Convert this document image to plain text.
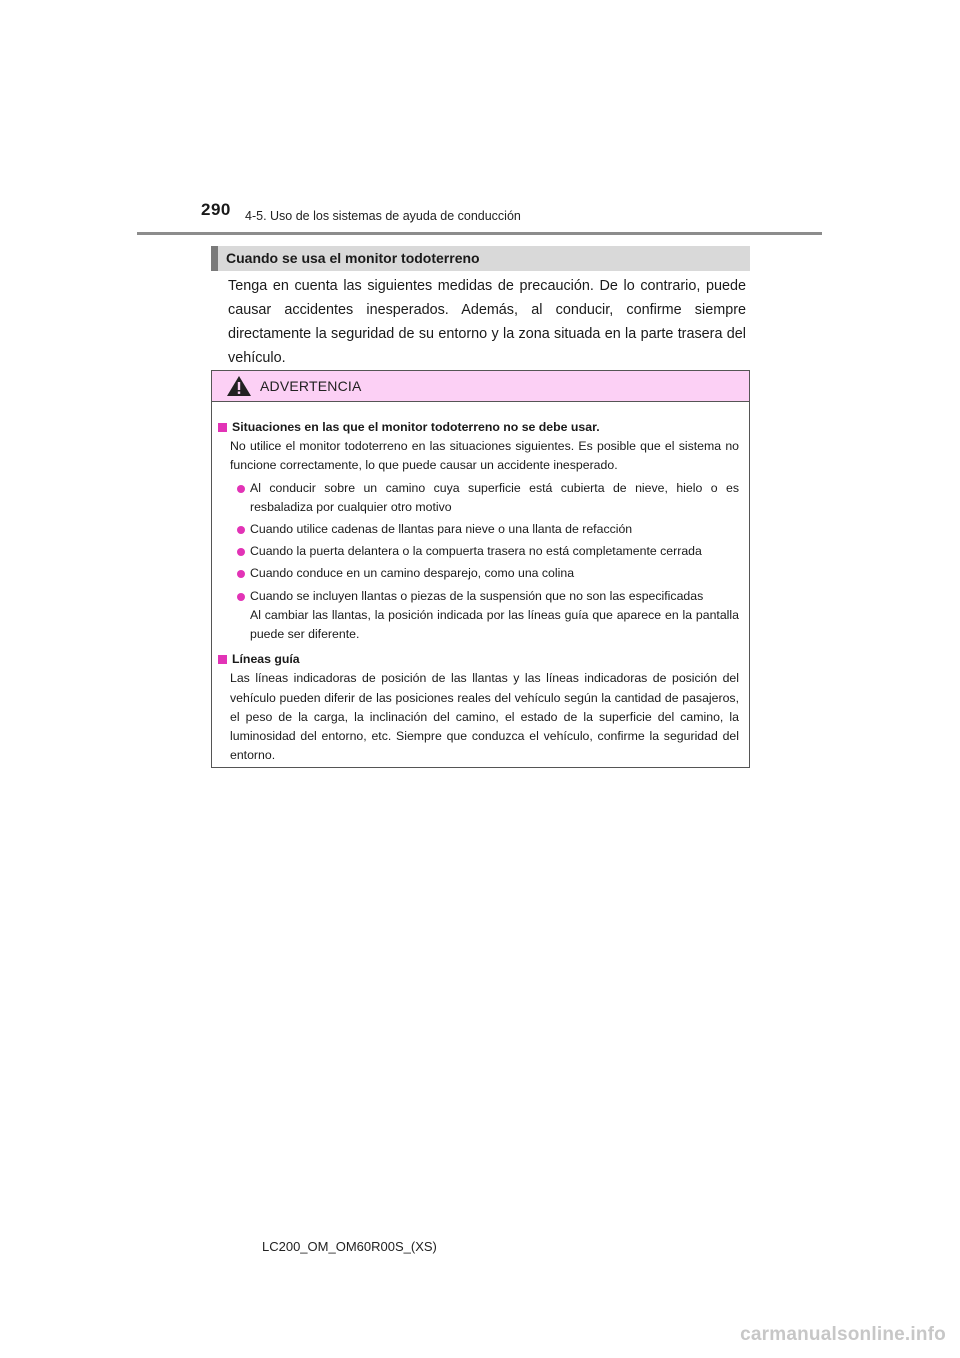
290 4-5. Uso de los sistemas de ayuda de conducción
Cuando se usa el monitor todoterreno

Tenga en cuenta las siguientes medidas de precaución. De lo contrario, puede causar accidentes inesperados. Además, al conducir, confirme siempre directamente la seguridad de su entorno y la zona situada en la parte trasera del vehículo.

ADVERTENCIA
Situaciones en las que el monitor todoterreno no se debe usar.
No utilice el monitor todoterreno en las situaciones siguientes. Es posible que el sistema no funcione correctamente, lo que puede causar un accidente inesperado.
Al conducir sobre un camino cuya superficie está cubierta de nieve, hielo o es resbaladiza por cualquier otro motivo
Cuando utilice cadenas de llantas para nieve o una llanta de refacción
Cuando la puerta delantera o la compuerta trasera no está completamente cerrada
Cuando conduce en un camino desparejo, como una colina
Cuando se incluyen llantas o piezas de la suspensión que no son las especificadas
Al cambiar las llantas, la posición indicada por las líneas guía que aparece en la pantalla puede ser diferente.
Líneas guía
Las líneas indicadoras de posición de las llantas y las líneas indicadoras de posición del vehículo pueden diferir de las posiciones reales del vehículo según la cantidad de pasajeros, el peso de la carga, la inclinación del camino, el estado de la superficie del camino, la luminosidad del entorno, etc. Siempre que conduzca el vehículo, confirme la seguridad del entorno.
LC200_OM_OM60R00S_(XS)
carmanualsonline.info
